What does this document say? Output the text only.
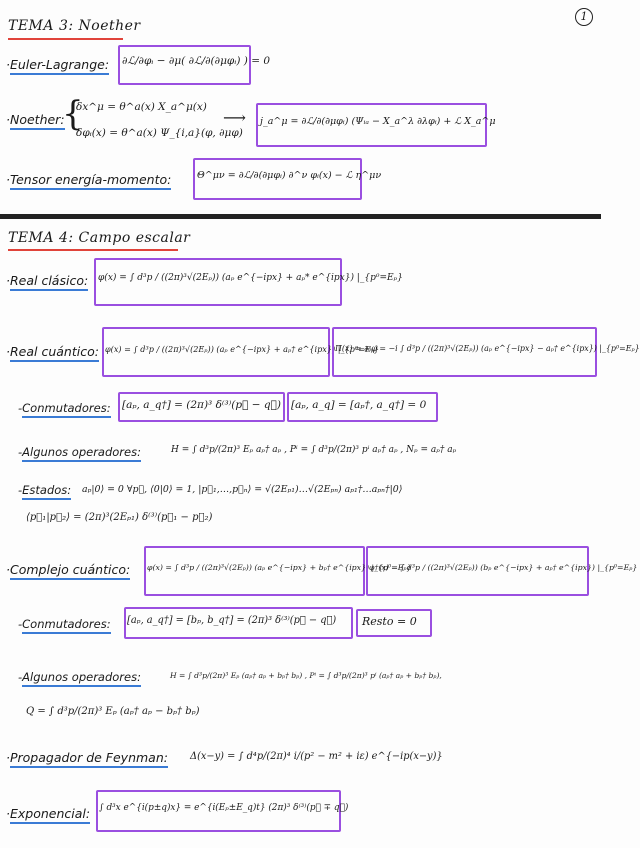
1
TEMA 3: Noether
·Euler-Lagrange: ∂ℒ/∂φᵢ − ∂μ( ∂ℒ/∂(∂μφᵢ) ) = 0
·Noether:
{
δx^μ = θ^a(x) X_a^μ(x)
δφᵢ(x) = θ^a(x) Ψ_{i,a}(φ, ∂μφ)
⟶ j_a^μ = ∂ℒ/∂(∂μφᵢ) (Ψᵢₐ − X_a^λ ∂λφᵢ) + ℒ X_a^μ
·Tensor energía-momento:	Θ^μν = ∂ℒ/∂(∂μφᵢ) ∂^ν φᵢ(x) − ℒ η^μν
TEMA 4: Campo escalar
·Real clásico: φ(x) = ∫ d³p / ((2π)³√(2Eₚ)) (aₚ e^{−ipx} + aₚ* e^{ipx}) |_{p⁰=Eₚ}
·Real cuántico: φ(x) = ∫ d³p / ((2π)³√(2Eₚ)) (aₚ e^{−ipx} + aₚ† e^{ipx}) |_{p⁰=Eₚ}
Π(x) = ∂₀φ = −i ∫ d³p / ((2π)³√(2Eₚ)) (aₚ e^{−ipx} − aₚ† e^{ipx}) |_{p⁰=Eₚ}
-Conmutadores: [aₚ, a_q†] = (2π)³ δ⁽³⁾(p⃗ − q⃗) [aₚ, a_q] = [aₚ†, a_q†] = 0
-Algunos operadores:	H = ∫ d³p/(2π)³ Eₚ aₚ† aₚ , Pⁱ = ∫ d³p/(2π)³ pⁱ aₚ† aₚ , Nₚ = aₚ† aₚ
-Estados: aₚ|0⟩ = 0 ∀p⃗, ⟨0|0⟩ = 1, |p⃗₁,…,p⃗ₙ⟩ = √(2Eₚ₁)…√(2Eₚₙ) aₚ₁†…aₚₙ†|0⟩
⟨p⃗₁|p⃗₂⟩ = (2π)³(2Eₚ₁) δ⁽³⁾(p⃗₁ − p⃗₂)
·Complejo cuántico: φ(x) = ∫ d³p / ((2π)³√(2Eₚ)) (aₚ e^{−ipx} + bₚ† e^{ipx}) |_{p⁰=Eₚ}
φ†(x) = ∫ d³p / ((2π)³√(2Eₚ)) (bₚ e^{−ipx} + aₚ† e^{ipx}) |_{p⁰=Eₚ}
-Conmutadores: [aₚ, a_q†] = [bₚ, b_q†] = (2π)³ δ⁽³⁾(p⃗ − q⃗) Resto = 0
-Algunos operadores:	H = ∫ d³p/(2π)³ Eₚ (aₚ† aₚ + bₚ† bₚ) , Pⁱ = ∫ d³p/(2π)³ pⁱ (aₚ† aₚ + bₚ† bₚ),
Q = ∫ d³p/(2π)³ Eₚ (aₚ† aₚ − bₚ† bₚ)
·Propagador de Feynman: Δ(x−y) = ∫ d⁴p/(2π)⁴ i/(p² − m² + iε) e^{−ip(x−y)}
·Exponencial: ∫ d³x e^{i(p±q)x} = e^{i(Eₚ±E_q)t} (2π)³ δ⁽³⁾(p⃗ ∓ q⃗)
